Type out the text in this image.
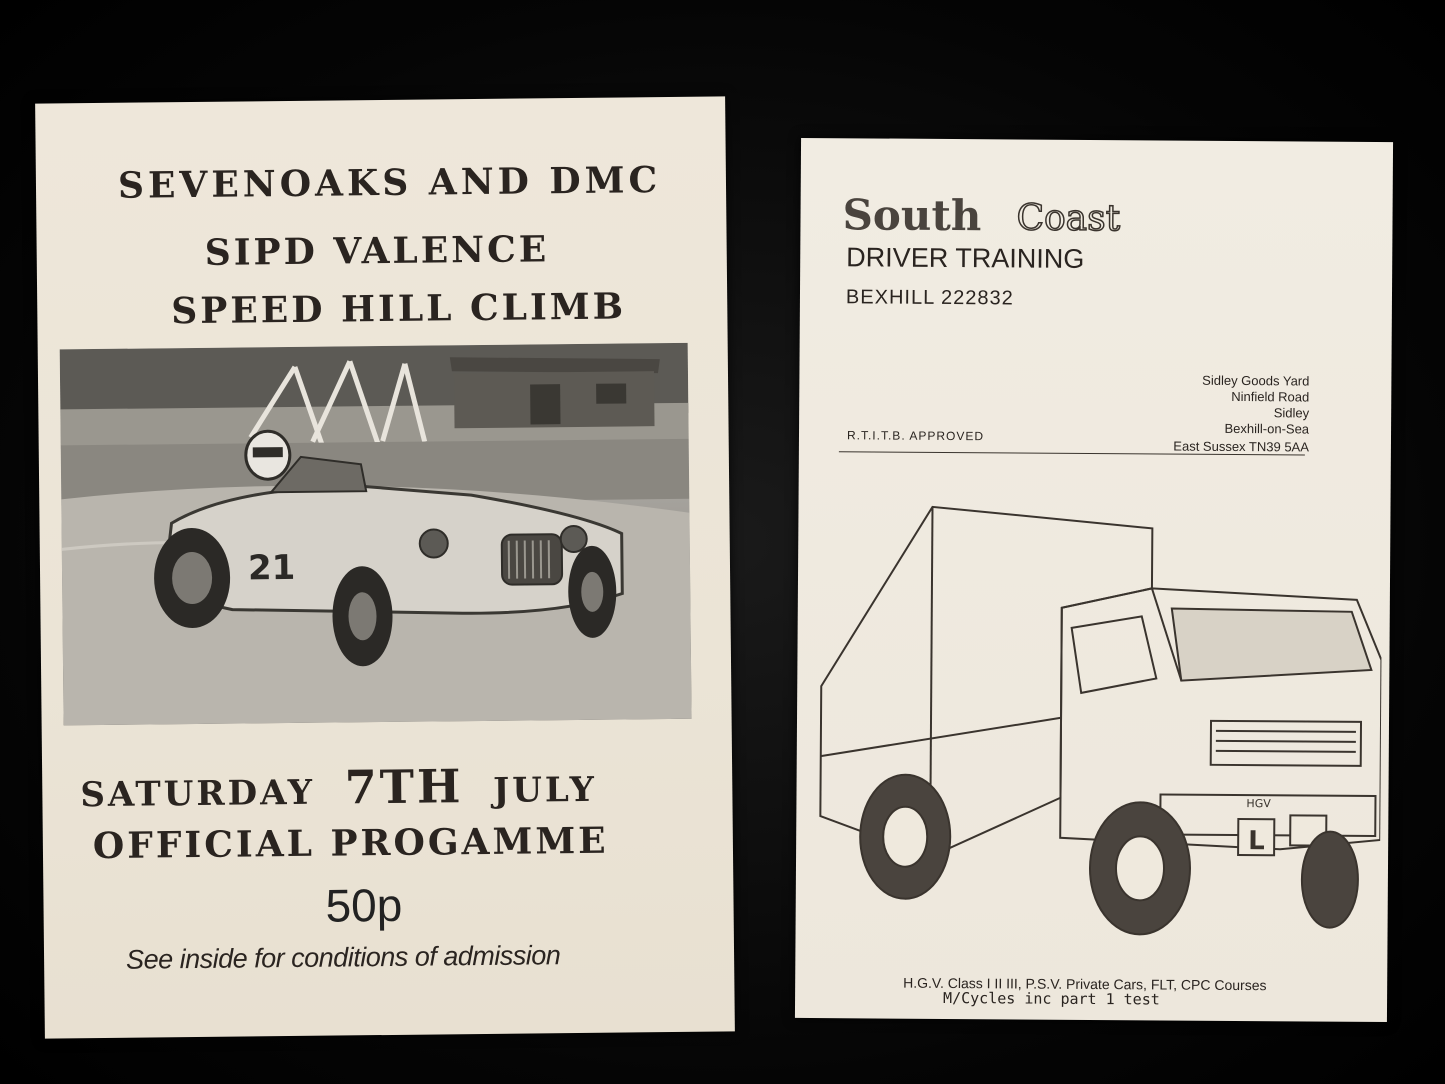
SEVENOAKS AND DMC
SIPD VALENCE
SPEED HILL CLIMB
21
SATURDAY 7TH JULY
OFFICIAL PROGAMME
50p
See inside for conditions of admission
South Coast
DRIVER TRAINING
BEXHILL 222832
Sidley Goods Yard
Ninfield Road
Sidley
Bexhill-on-Sea
East Sussex TN39 5AA
R.T.I.T.B. APPROVED
HGV
L
H.G.V. Class I II III, P.S.V. Private Cars, FLT, CPC Courses
M/Cycles inc part 1 test
